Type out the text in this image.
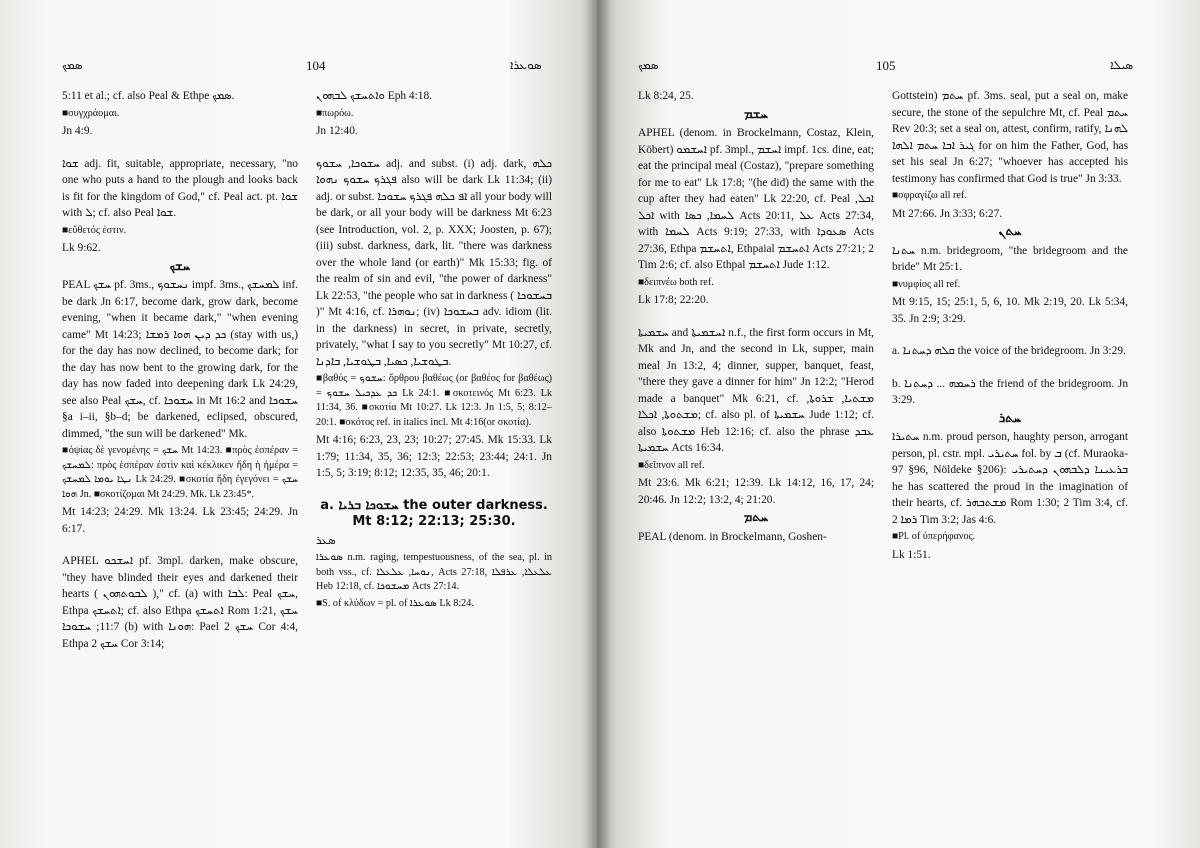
ܣܡܟ	104	ܣܘܥܪܐ

5:11 et al.; cf. also Peal & Ethpe ܣܡܟ.

■συγχράομαι.

Jn 4:9.

ܫܘܐ adj. fit, suitable, appropriate, necessary, "no one who puts a hand to the plough and looks back is fit for the kingdom of God," cf. Peal act. pt. ܫܘܐ with ܠ; cf. also Peal ܫܘܐ.

■εὔθετός ἐστιν.

Lk 9:62.

ܚܫܟ

PEAL ܚܫܟ pf. 3ms., ܢܚܫܘܟ impf. 3ms., ܠܡܚܫܟ inf. be dark Jn 6:17, become dark, grow dark, become evening, "when it became dark," "when evening came" Mt 14:23; ܟܕ ܕܝܢ ܗܘܐ ܪܡܫܐ (stay with us,) for the day has now declined, to become dark; for the day has now bent to the growing dark, for the day has now faded into deepening dark Lk 24:29, see also Peal ܚܫܟ, cf. ܚܫܘܟܐ in Mt 16:2 and ܚܫܘܟܐ §a i–ii, §b–d; be darkened, eclipsed, obscured, dimmed, "the sun will be darkened" Mk.

■ὀψίας δὲ γενομένης = ܚܫܟ Mt 14:23. ■πρὸς ἑσπέραν = ܠܡܚܫܟ: πρὸς ἑσπέραν ἐστὶν καὶ κέκλικεν ἤδη ἡ ἡμέρα = ܢܛܐ ܝܘܡܐ ܠܡܚܫܟ Lk 24:29. ■σκοτία ἤδη ἐγεγόνει = ܚܫܟ ܗܘܐ Jn. ■σκοτίζομαι Mt 24:29. Mk. Lk 23:45*.

Mt 14:23; 24:29. Mk 13:24. Lk 23:45; 24:29. Jn 6:17.

APHEL ܐܚܫܟܘ pf. 3mpl. darken, make obscure, "they have blinded their eyes and darkened their hearts ( ܠܒܘܬܗܘܢ )," cf. (a) with ܠܒܐ: Peal ܚܫܟ, Ethpa ܐܬܚܫܟ; cf. also Ethpa ܐܬܚܫܟ Rom 1:21, ܚܫܟ 11:7; ܚܫܘܟܐ (b) with ܗܘܢܐ: Pael ܚܫܟ 2 Cor 4:4, Ethpa ܚܫܟ 2 Cor 3:14;

ܘܐܬܚܫܟ ܠܒܗܘܢ Eph 4:18.

■πωρόω.

Jn 12:40.

ܚܫܘܟܐ, ܚܫܘܟ adj. and subst. (i) adj. dark, ܟܠܗ ܦܓܪܟ ܚܫܘܟ ܢܗܘܐ also will be dark Lk 11:34; (ii) adj. or subst. ܐܦ ܟܠܗ ܦܓܪܟ ܚܫܘܟܐ all your body will be dark, or all your body will be darkness Mt 6:23 (see Introduction, vol. 2, p. XXX; Joosten, p. 67); (iii) subst. darkness, dark, lit. "there was darkness over the whole land (or earth)" Mk 15:33; fig. of the realm of sin and evil, "the power of darkness" Lk 22:53, "the people who sat in darkness ( ܒܚܫܘܟܐ )" Mt 4:16, cf. ܢܘܗܪܐ; (iv) ܒܚܫܘܟܐ adv. idiom (lit. in the darkness) in secret, in private, secretly, privately, "what I say to you secretly" Mt 10:27, cf. ܒܛܘܫܝܐ, ܟܣܝܐ, ܒܛܘܫܝܐ, ܒܐܕܢܐ.

■βαθύς = ܚܫܘܟ: ὄρθρου βαθέως (or βαθέος for βαθέως) = ܟܕ ܥܕܟܝܠ ܚܫܘܟ Lk 24:1. ■σκοτεινός Mt 6:23. Lk 11:34, 36. ■σκοτία Mt 10:27. Lk 12:3. Jn 1:5, 5; 8:12–20:1. ■σκότος ref. in italics incl. Mt 4:16(or σκοτία).

Mt 4:16; 6:23, 23, 23; 10:27; 27:45. Mk 15:33. Lk 1:79; 11:34, 35, 36; 12:3; 22:53; 23:44; 24:1. Jn 1:5, 5; 3:19; 8:12; 12:35, 35, 46; 20:1.

a. ܚܫܘܟܐ ܒܪܝܐ the outer darkness. Mt 8:12; 22:13; 25:30.

ܣܥܪ

ܣܘܥܪܐ n.m. raging, tempestuousness, of the sea, pl. in both vss., cf. ܢܘܚܐ, ܥܠܥܠܐ, Acts 27:18, ܥܠܥܠܐ, ܥܪܦܠܐ Heb 12:18, cf. ܡܚܫܘܟܐ Acts 27:14.

■S. of κλύδων = pl. of ܣܘܥܪܐ Lk 8:24.

ܣܡܟ	105	ܣܝܠܐ

Lk 8:24, 25.

ܚܫܡ

APHEL (denom. in Brockelmann, Costaz, Klein, Köbert) ܐܚܫܡܘ pf. 3mpl., ܐܚܫܡ impf. 1cs. dine, eat; eat the principal meal (Costaz), "prepare something for me to eat" Lk 17:8; "(he did) the same with the cup after they had eaten" Lk 22:20, cf. Peal ܐܟܠ, ܐܟܠ with ܠܚܡܐ, ܟܣܐ Acts 20:11, ܥܠ Acts 27:34, with ܠܚܡܐ Acts 9:19; 27:33, with ܣܥܘܕܐ Acts 27:36, Ethpa ܐܬܚܫܡ, Ethpaial ܐܬܚܫܡ Acts 27:21; 2 Tim 2:6; cf. also Ethpal ܐܬܚܫܡ Jude 1:12.

■δειπνέω both ref.

Lk 17:8; 22:20.

ܚܫܡܝܬܐ and ܐܚܫܡܝܬܐ n.f., the first form occurs in Mt, Mk and Jn, and the second in Lk, supper, main meal Jn 13:2, 4; dinner, supper, banquet, feast, "there they gave a dinner for him" Jn 12:2; "Herod made a banquet" Mk 6:21, cf. ܡܫܬܝܐ, ܫܪܘܬܐ, ܡܫܬܘܬܐ, ܐܟܠܐ; cf. also pl. of ܚܫܡܝܬܐ Jude 1:12; cf. also ܡܫܬܘܬܐ Heb 12:16; cf. also the phrase ܥܒܕ ܚܫܡܝܬܐ Acts 16:34.

■δεῖπνον all ref.

Mt 23:6. Mk 6:21; 12:39. Lk 14:12, 16, 17, 24; 20:46. Jn 12:2; 13:2, 4; 21:20.

ܚܬܡ

PEAL (denom. in Brockelmann, Goshen-

Gottstein) ܚܬܡ pf. 3ms. seal, put a seal on, make secure, the stone of the sepulchre Mt, cf. Peal ܚܬܡ Rev 20:3; set a seal on, attest, confirm, ratify, ܠܗܢܐ ܓܝܪ ܐܒܐ ܚܬܡ ܐܠܗܐ for on him the Father, God, has set his seal Jn 6:27; "whoever has accepted his testimony has confirmed that God is true" Jn 3:33.

■σφραγίζω all ref.

Mt 27:66. Jn 3:33; 6:27.

ܚܬܢ

ܚܬܢܐ n.m. bridegroom, "the bridegroom and the bride" Mt 25:1.

■νυμφίος all ref.

Mt 9:15, 15; 25:1, 5, 6, 10. Mk 2:19, 20. Lk 5:34, 35. Jn 2:9; 3:29.

a. ܩܠܗ ܕܚܬܢܐ the voice of the bridegroom. Jn 3:29.

b. ܪܚܡܗ ... ܕܚܬܢܐ the friend of the bridegroom. Jn 3:29.

ܚܬܪ

ܚܬܝܪܐ n.m. proud person, haughty person, arrogant person, pl. cstr. mpl. ܚܬܝܪܝ fol. by ܒ (cf. Muraoka-97 §96, Nöldeke §206): ܒܪܥܝܢܐ ܕܠܒܗܘܢ ܕܚܬܝܪܝ he has scattered the proud in the imagination of their hearts, cf. ܡܫܬܒܗܪ Rom 1:30; 2 Tim 3:4, cf. ܪܡܐ 2 Tim 3:2; Jas 4:6.

■Pl. of ὑπερήφανος.

Lk 1:51.
